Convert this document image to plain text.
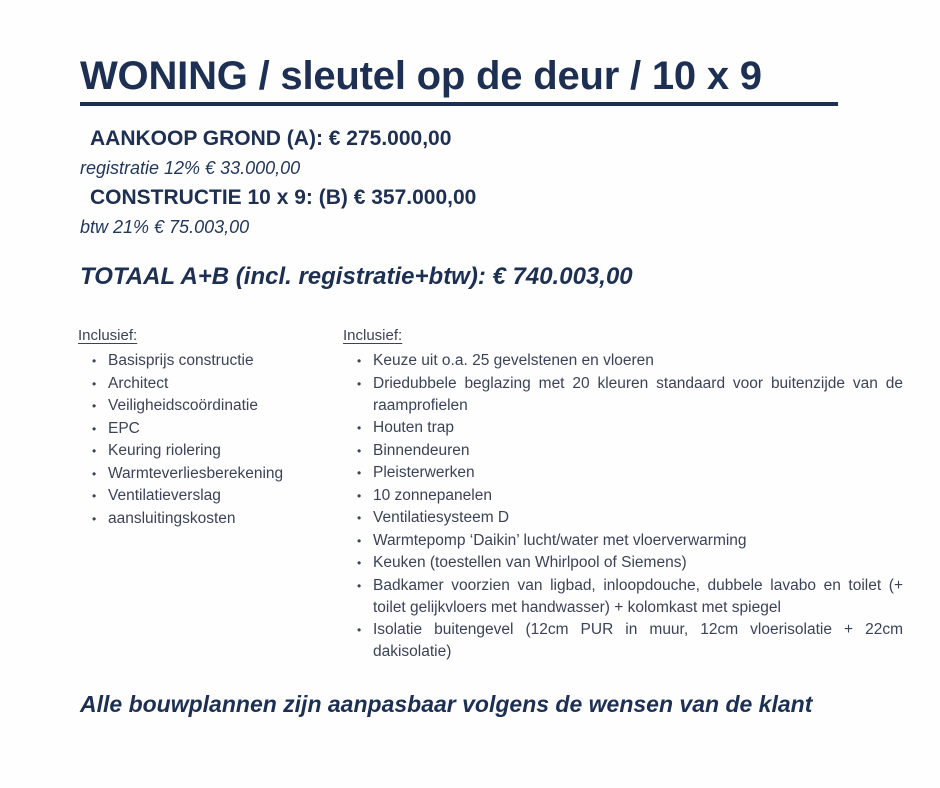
WONING / sleutel op de deur / 10 x 9
AANKOOP GROND (A): € 275.000,00
registratie 12% € 33.000,00
CONSTRUCTIE 10 x 9: (B) € 357.000,00
btw 21% € 75.003,00
TOTAAL A+B (incl. registratie+btw): € 740.003,00
Inclusief:
• Basisprijs constructie
• Architect
• Veiligheidscoördinatie
• EPC
• Keuring riolering
• Warmteverliesberekening
• Ventilatieverslag
• aansluitingskosten
Inclusief:
• Keuze uit o.a. 25 gevelstenen en vloeren
• Driedubbele beglazing met 20 kleuren standaard voor buitenzijde van de raamprofielen
• Houten trap
• Binnendeuren
• Pleisterwerken
• 10 zonnepanelen
• Ventilatiesysteem D
• Warmtepomp ‘Daikin’ lucht/water met vloerverwarming
• Keuken (toestellen van Whirlpool of Siemens)
• Badkamer voorzien van ligbad, inloopdouche, dubbele lavabo en toilet (+ toilet gelijkvloers met handwasser) + kolomkast met spiegel
• Isolatie buitengevel (12cm PUR in muur, 12cm vloerisolatie + 22cm dakisolatie)
Alle bouwplannen zijn aanpasbaar volgens de wensen van de klant
